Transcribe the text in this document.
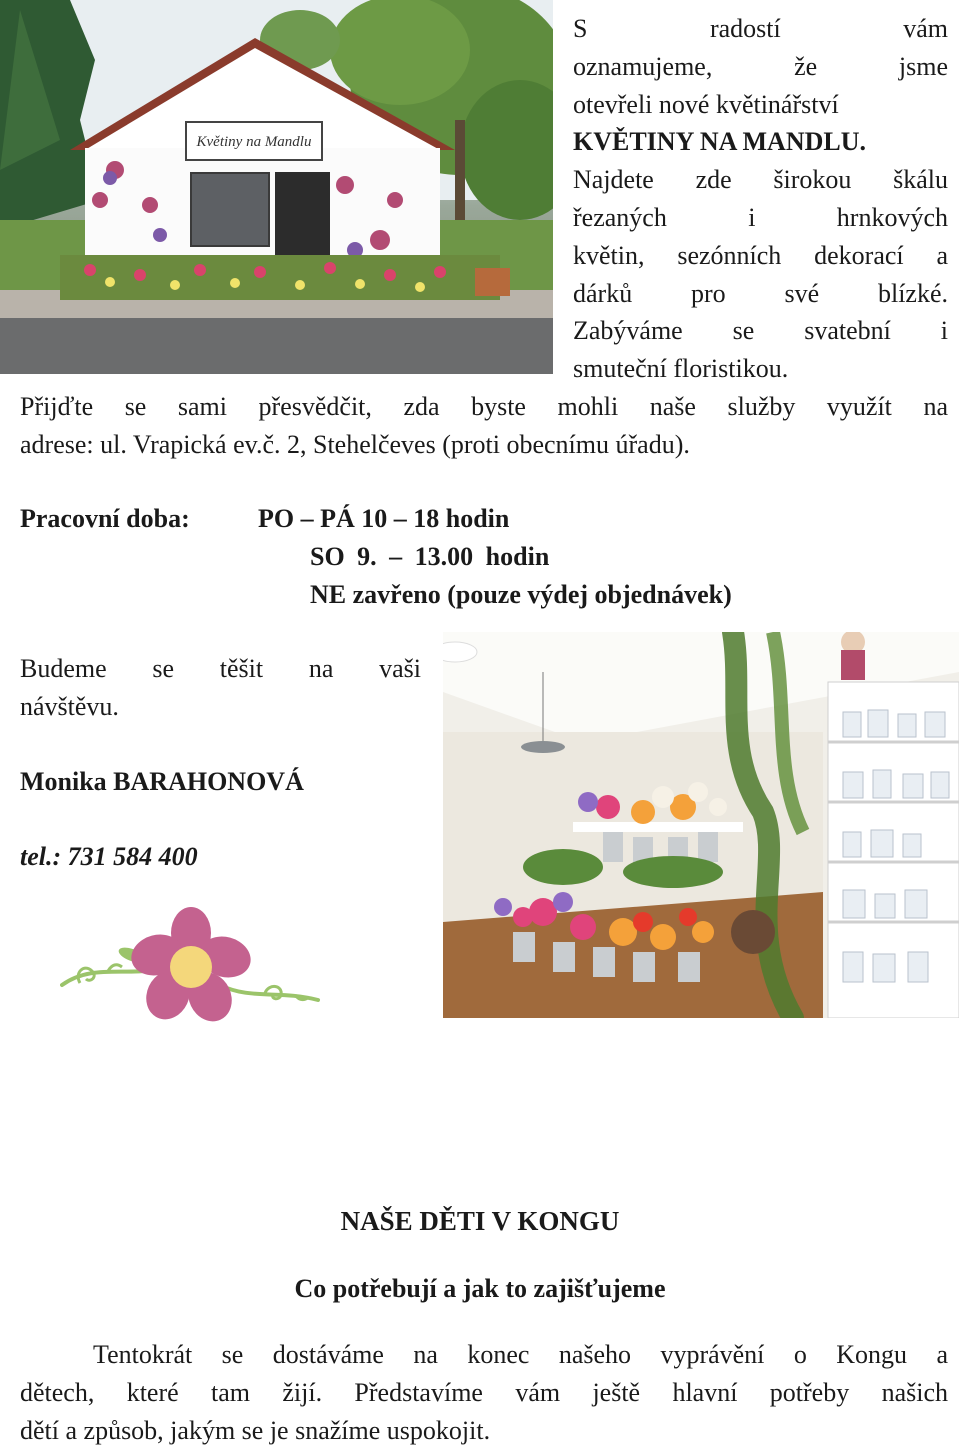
Květiny na Mandlu
S radostí vám
oznamujeme, že jsme
otevřeli nové květinářství
KVĚTINY NA MANDLU.
Najdete zde širokou škálu
řezaných i hrnkových
květin, sezónních dekorací a
dárků pro své blízké.
Zabýváme se svatební i
smuteční floristikou.
Přijďte se sami přesvědčit, zda byste mohli naše služby využít na
adrese: ul. Vrapická ev.č. 2, Stehelčeves (proti obecnímu úřadu).
Pracovní doba:	PO – PÁ 10 – 18 hodin
SO 9. – 13.00 hodin
NE zavřeno (pouze výdej objednávek)
Budeme se těšit na vaši
návštěvu.
Monika BARAHONOVÁ
tel.: 731 584 400
NAŠE DĚTI V KONGU
Co potřebují a jak to zajišťujeme
Tentokrát se dostáváme na konec našeho vyprávění o Kongu a
dětech, které tam žijí. Představíme vám ještě hlavní potřeby našich
dětí a způsob, jakým se je snažíme uspokojit.
